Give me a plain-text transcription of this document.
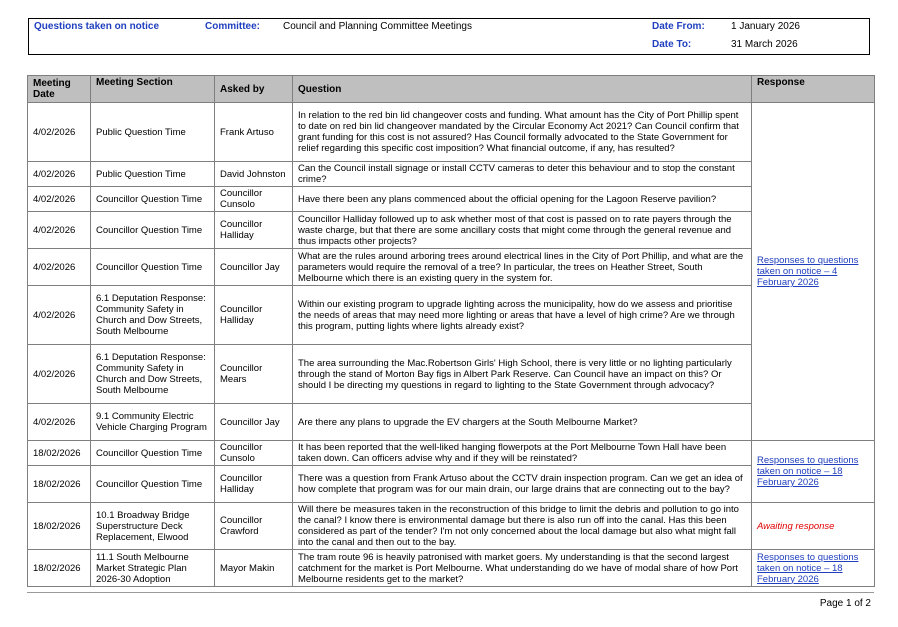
Questions taken on notice	Committee: Council and Planning Committee Meetings	Date From:	1 January 2026
Date To:	31 March 2026
Meeting Date	Meeting Section	Asked by	Question	Response
4/02/2026	Public Question Time	Frank Artuso	In relation to the red bin lid changeover costs and funding. What amount has the City of Port Phillip spent to date on red bin lid changeover mandated by the Circular Economy Act 2021? Can Council confirm that grant funding for this cost is not assured? Has Council formally advocated to the State Government for relief regarding this specific cost imposition? What financial outcome, if any, has resulted?	Responses to questions taken on notice – 4 February 2026
4/02/2026	Public Question Time	David Johnston	Can the Council install signage or install CCTV cameras to deter this behaviour and to stop the constant crime?	
4/02/2026	Councillor Question Time	Councillor Cunsolo	Have there been any plans commenced about the official opening for the Lagoon Reserve pavilion?	
4/02/2026	Councillor Question Time	Councillor Halliday	Councillor Halliday followed up to ask whether most of that cost is passed on to rate payers through the waste charge, but that there are some ancillary costs that might come through the general revenue and thus impacts other projects?	
4/02/2026	Councillor Question Time	Councillor Jay	What are the rules around arboring trees around electrical lines in the City of Port Phillip, and what are the parameters would require the removal of a tree? In particular, the trees on Heather Street, South Melbourne which there is an existing query in the system for.	
4/02/2026	6.1 Deputation Response: Community Safety in Church and Dow Streets, South Melbourne	Councillor Halliday	Within our existing program to upgrade lighting across the municipality, how do we assess and prioritise the needs of areas that may need more lighting or areas that have a level of high crime? Are we through this program, putting lights where lights already exist?	
4/02/2026	6.1 Deputation Response: Community Safety in Church and Dow Streets, South Melbourne	Councillor Mears	The area surrounding the Mac.Robertson Girls' High School, there is very little or no lighting particularly through the stand of Morton Bay figs in Albert Park Reserve. Can Council have an impact on this? Or should I be directing my questions in regard to lighting to the State Government through advocacy?	
4/02/2026	9.1 Community Electric Vehicle Charging Program	Councillor Jay	Are there any plans to upgrade the EV chargers at the South Melbourne Market?	
18/02/2026	Councillor Question Time	Councillor Cunsolo	It has been reported that the well-liked hanging flowerpots at the Port Melbourne Town Hall have been taken down. Can officers advise why and if they will be reinstated?	Responses to questions taken on notice – 18 February 2026
18/02/2026	Councillor Question Time	Councillor Halliday	There was a question from Frank Artuso about the CCTV drain inspection program. Can we get an idea of how complete that program was for our main drain, our large drains that are connecting out to the bay?	
18/02/2026	10.1 Broadway Bridge Superstructure Deck Replacement, Elwood	Councillor Crawford	Will there be measures taken in the reconstruction of this bridge to limit the debris and pollution to go into the canal? I know there is environmental damage but there is also run off into the canal. Has this been considered as part of the tender? I'm not only concerned about the local damage but also what might fall into the canal and then out to the bay.	Awaiting response
18/02/2026	11.1 South Melbourne Market Strategic Plan 2026-30 Adoption	Mayor Makin	The tram route 96 is heavily patronised with market goers. My understanding is that the second largest catchment for the market is Port Melbourne. What understanding do we have of modal share of how Port Melbourne residents get to the market?	Responses to questions taken on notice – 18 February 2026
Page 1 of 2
